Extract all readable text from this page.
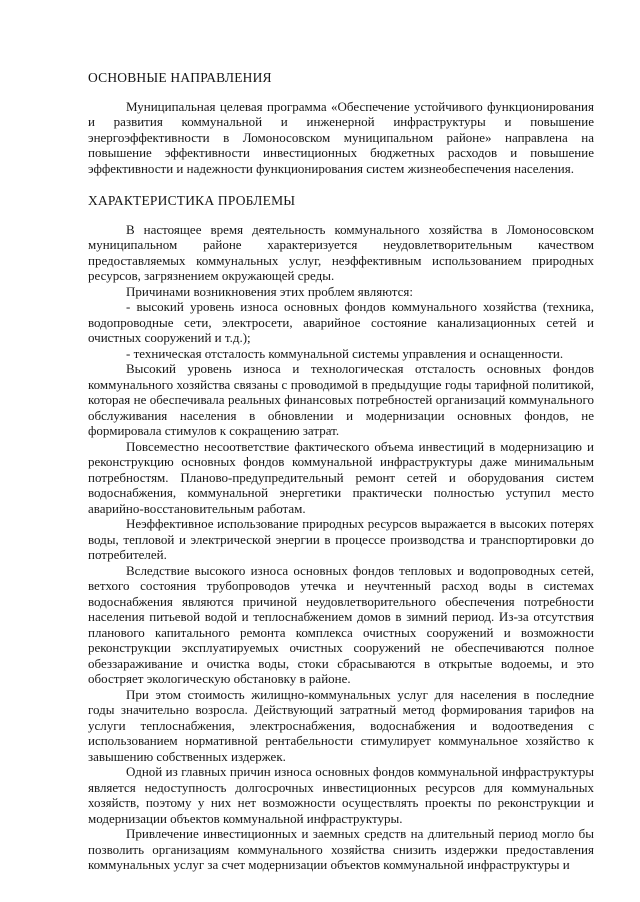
ОСНОВНЫЕ НАПРАВЛЕНИЯ

Муниципальная целевая программа «Обеспечение устойчивого функционирования и развития коммунальной и инженерной инфраструктуры и повышение энергоэффективности в Ломоносовском муниципальном районе» направлена на повышение эффективности инвестиционных бюджетных расходов и повышение эффективности и надежности функционирования систем жизнеобеспечения населения.

ХАРАКТЕРИСТИКА ПРОБЛЕМЫ

В настоящее время деятельность коммунального хозяйства в Ломоносовском муниципальном районе характеризуется неудовлетворительным качеством предоставляемых коммунальных услуг, неэффективным использованием природных ресурсов, загрязнением окружающей среды.

Причинами возникновения этих проблем являются:

- высокий уровень износа основных фондов коммунального хозяйства (техника, водопроводные сети, электросети, аварийное состояние канализационных сетей и очистных сооружений и т.д.);

- техническая отсталость коммунальной системы управления и оснащенности.

Высокий уровень износа и технологическая отсталость основных фондов коммунального хозяйства связаны с проводимой в предыдущие годы тарифной политикой, которая не обеспечивала реальных финансовых потребностей организаций коммунального обслуживания населения в обновлении и модернизации основных фондов, не формировала стимулов к сокращению затрат.

Повсеместно несоответствие фактического объема инвестиций в модернизацию и реконструкцию основных фондов коммунальной инфраструктуры даже минимальным потребностям. Планово-предупредительный ремонт сетей и оборудования систем водоснабжения, коммунальной энергетики практически полностью уступил место аварийно-восстановительным работам.

Неэффективное использование природных ресурсов выражается в высоких потерях воды, тепловой и электрической энергии в процессе производства и транспортировки до потребителей.

Вследствие высокого износа основных фондов тепловых и водопроводных сетей, ветхого состояния трубопроводов утечка и неучтенный расход воды в системах водоснабжения являются причиной неудовлетворительного обеспечения потребности населения питьевой водой и теплоснабжением домов в зимний период. Из-за отсутствия планового капитального ремонта комплекса очистных сооружений и возможности реконструкции эксплуатируемых очистных сооружений не обеспечиваются полное обеззараживание и очистка воды, стоки сбрасываются в открытые водоемы, и это обостряет экологическую обстановку в районе.

При этом стоимость жилищно-коммунальных услуг для населения в последние годы значительно возросла. Действующий затратный метод формирования тарифов на услуги теплоснабжения, электроснабжения, водоснабжения и водоотведения с использованием нормативной рентабельности стимулирует коммунальное хозяйство к завышению собственных издержек.

Одной из главных причин износа основных фондов коммунальной инфраструктуры является недоступность долгосрочных инвестиционных ресурсов для коммунальных хозяйств, поэтому у них нет возможности осуществлять проекты по реконструкции и модернизации объектов коммунальной инфраструктуры.

Привлечение инвестиционных и заемных средств на длительный период могло бы позволить организациям коммунального хозяйства снизить издержки предоставления коммунальных услуг за счет модернизации объектов коммунальной инфраструктуры и
